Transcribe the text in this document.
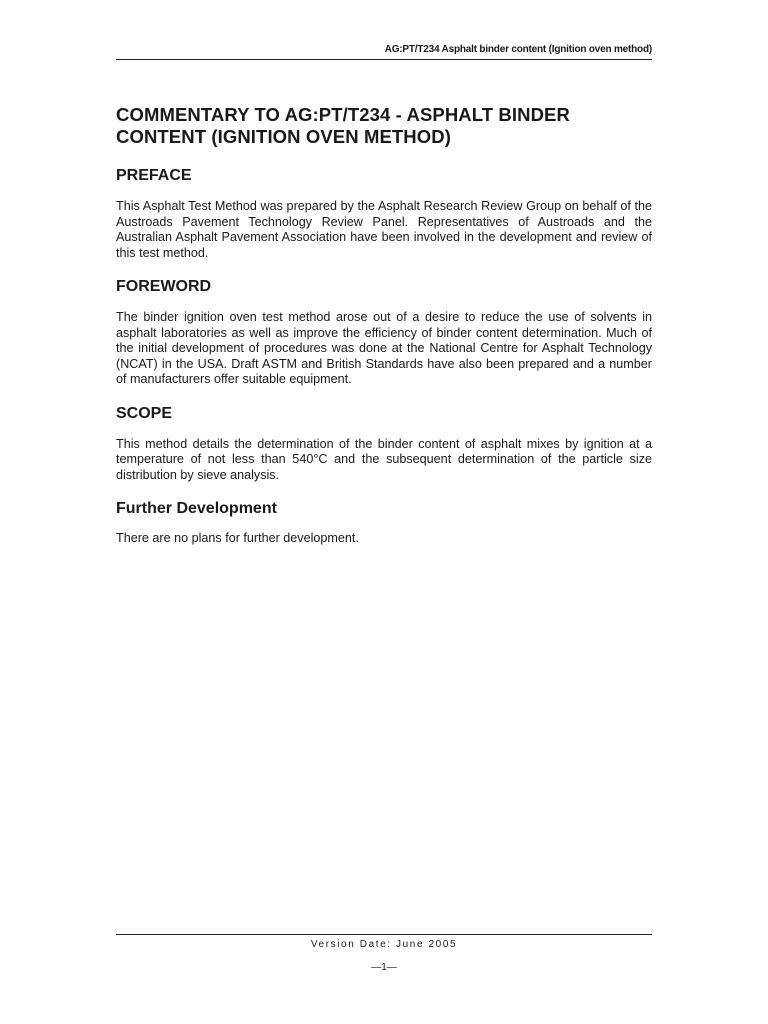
AG:PT/T234 Asphalt binder content (Ignition oven method)
COMMENTARY TO AG:PT/T234 - ASPHALT BINDER CONTENT (IGNITION OVEN METHOD)
PREFACE

This Asphalt Test Method was prepared by the Asphalt Research Review Group on behalf of the Austroads Pavement Technology Review Panel. Representatives of Austroads and the Australian Asphalt Pavement Association have been involved in the development and review of this test method.

FOREWORD

The binder ignition oven test method arose out of a desire to reduce the use of solvents in asphalt laboratories as well as improve the efficiency of binder content determination. Much of the initial development of procedures was done at the National Centre for Asphalt Technology (NCAT) in the USA. Draft ASTM and British Standards have also been prepared and a number of manufacturers offer suitable equipment.

SCOPE

This method details the determination of the binder content of asphalt mixes by ignition at a temperature of not less than 540°C and the subsequent determination of the particle size distribution by sieve analysis.

Further Development

There are no plans for further development.

Version Date: June 2005
—1—
